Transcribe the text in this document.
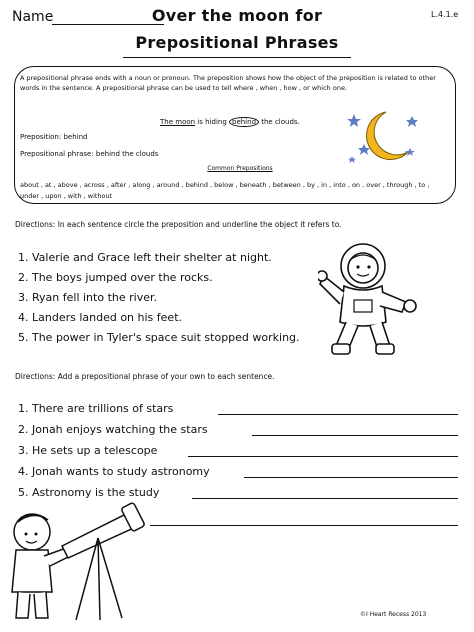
Name	L.4.1.e
Over the moon for
Prepositional Phrases
A prepositional phrase ends with a noun or pronoun. The preposition shows how the object of the preposition is related to other words in the sentence. A prepositional phrase can be used to tell where , when , how , or which one.
The moon is hiding behind the clouds.
Preposition: behind
Prepositional phrase: behind the clouds
Common Prepositions
about , at , above , across , after , along , around , behind , below , beneath , between , by , in , into , on , over , through , to , under , upon , with , without
Directions: In each sentence circle the preposition and underline the object it refers to.
1. Valerie and Grace left their shelter at night.
2. The boys jumped over the rocks.
3. Ryan fell into the river.
4. Landers landed on his feet.
5. The power in Tyler's space suit stopped working.
Directions: Add a prepositional phrase of your own to each sentence.
1. There are trillions of stars
2. Jonah enjoys watching the stars
3. He sets up a telescope
4. Jonah wants to study astronomy
5. Astronomy is the study
©I Heart Recess 2013
